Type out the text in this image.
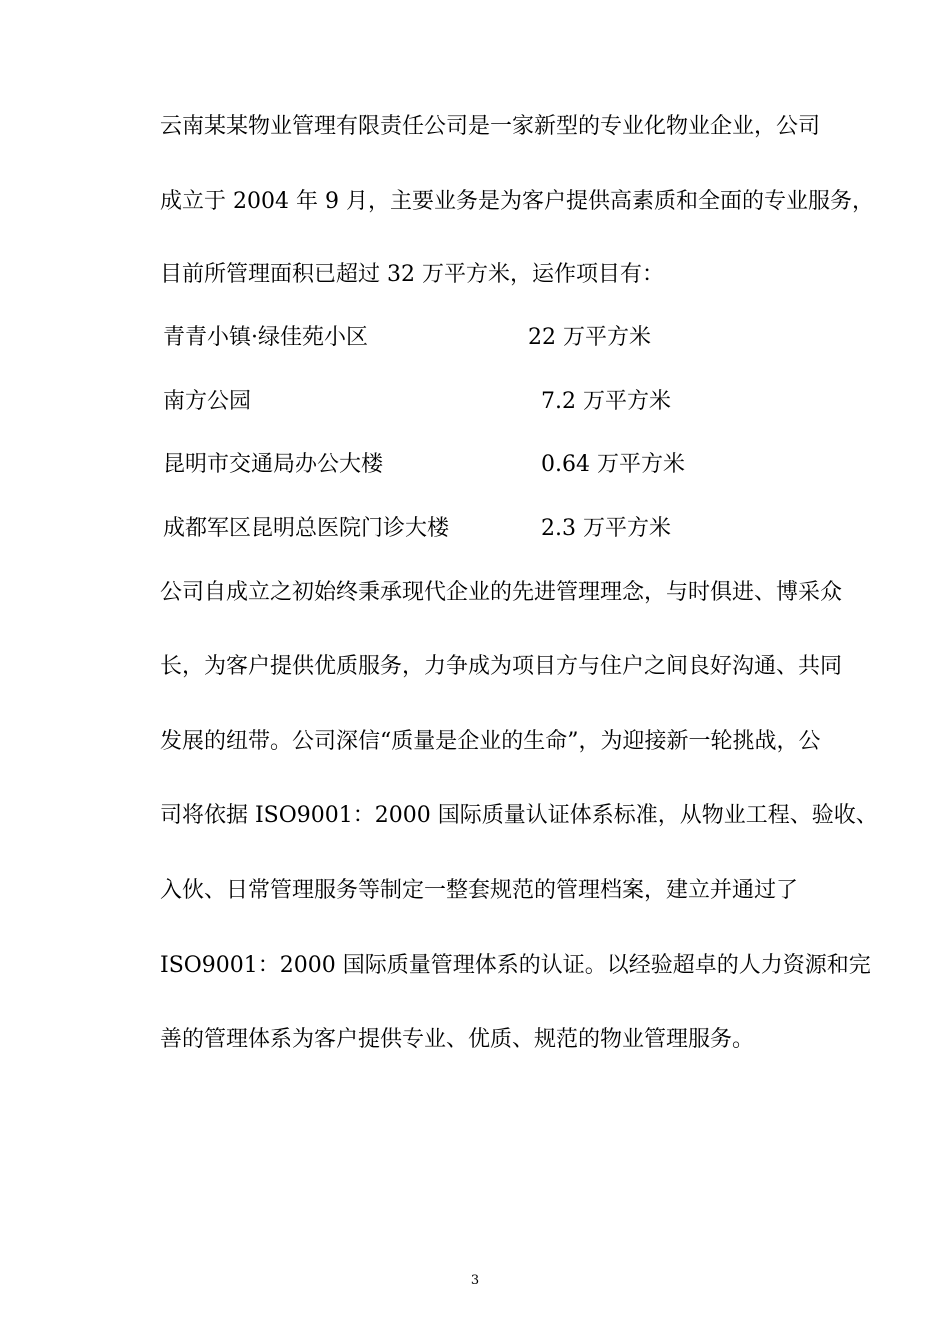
云南某某物业管理有限责任公司是一家新型的专业化物业企业，公司
成立于 2004 年 9 月，主要业务是为客户提供高素质和全面的专业服务，
目前所管理面积已超过 32 万平方米，运作项目有：
青青小镇·绿佳苑小区	22 万平方米
南方公园	7.2 万平方米
昆明市交通局办公大楼	0.64 万平方米
成都军区昆明总医院门诊大楼	2.3 万平方米
公司自成立之初始终秉承现代企业的先进管理理念，与时俱进、博采众
长，为客户提供优质服务，力争成为项目方与住户之间良好沟通、共同
发展的纽带。公司深信“质量是企业的生命”，为迎接新一轮挑战，公
司将依据 ISO9001：2000 国际质量认证体系标准，从物业工程、验收、
入伙、日常管理服务等制定一整套规范的管理档案，建立并通过了
ISO9001：2000 国际质量管理体系的认证。以经验超卓的人力资源和完
善的管理体系为客户提供专业、优质、规范的物业管理服务。
3
